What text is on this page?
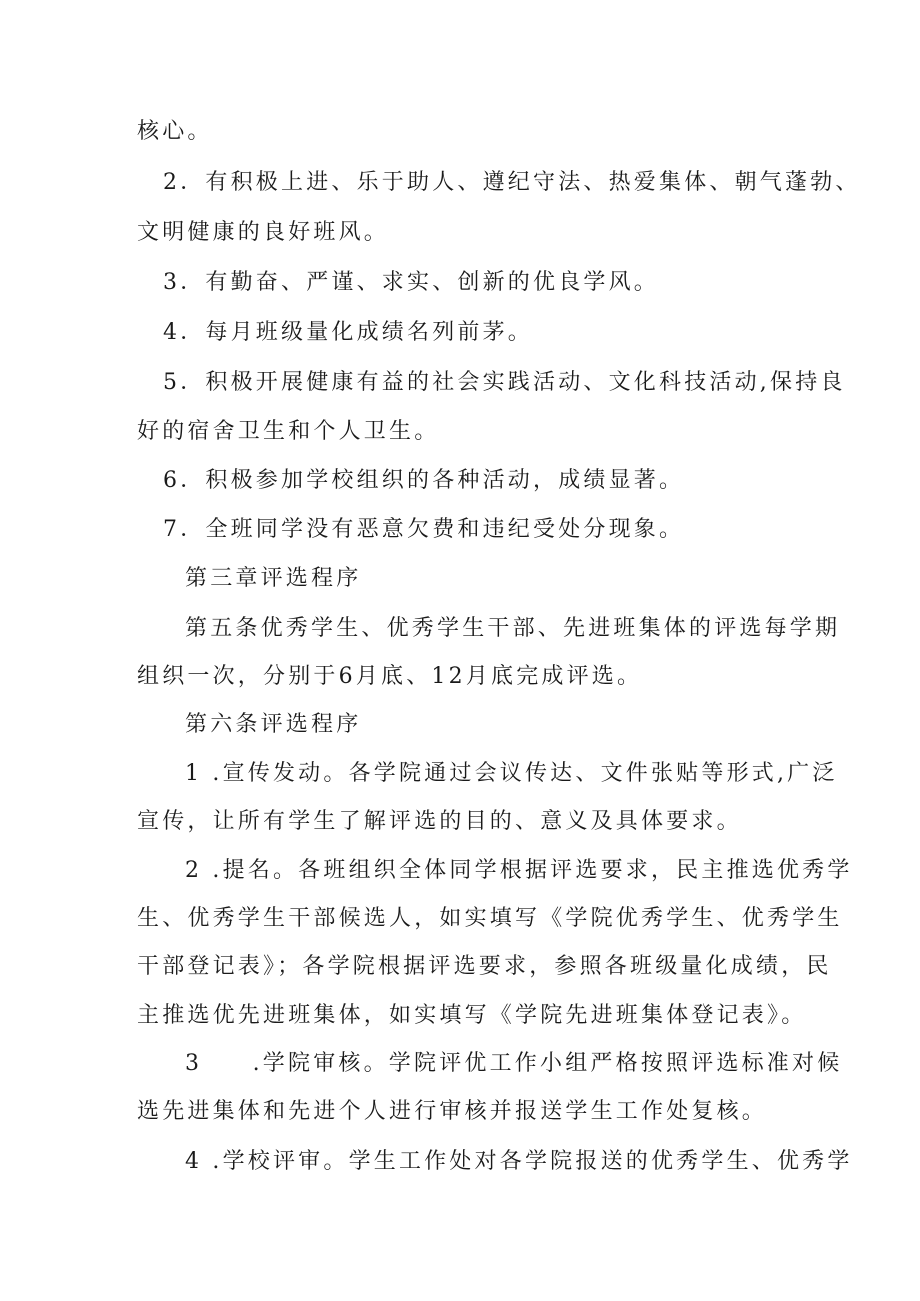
核心。
2．有积极上进、乐于助人、遵纪守法、热爱集体、朝气蓬勃、
文明健康的良好班风。
3．有勤奋、严谨、求实、创新的优良学风。
4．每月班级量化成绩名列前茅。
5．积极开展健康有益的社会实践活动、文化科技活动,保持良
好的宿舍卫生和个人卫生。
6．积极参加学校组织的各种活动，成绩显著。
7．全班同学没有恶意欠费和违纪受处分现象。
第三章评选程序
第五条优秀学生、优秀学生干部、先进班集体的评选每学期
组织一次，分别于6月底、12月底完成评选。
第六条评选程序
1 .宣传发动。各学院通过会议传达、文件张贴等形式,广泛
宣传，让所有学生了解评选的目的、意义及具体要求。
2 .提名。各班组织全体同学根据评选要求，民主推选优秀学
生、优秀学生干部候选人，如实填写《学院优秀学生、优秀学生
干部登记表》；各学院根据评选要求，参照各班级量化成绩，民
主推选优先进班集体，如实填写《学院先进班集体登记表》。
3　　.学院审核。学院评优工作小组严格按照评选标准对候
选先进集体和先进个人进行审核并报送学生工作处复核。
4 .学校评审。学生工作处对各学院报送的优秀学生、优秀学
